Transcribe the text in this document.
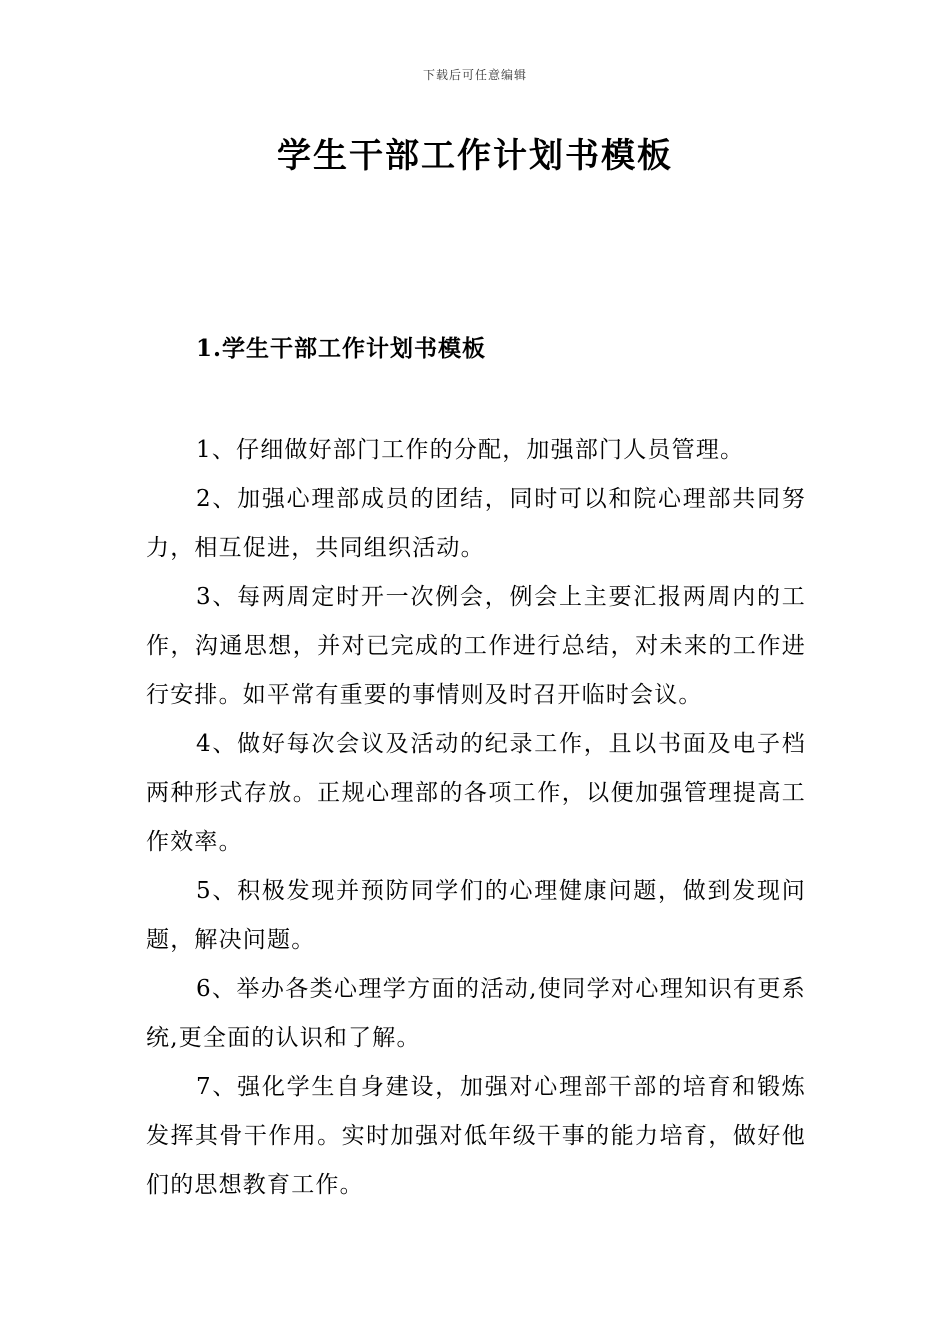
下载后可任意编辑
学生干部工作计划书模板
1.学生干部工作计划书模板

1、仔细做好部门工作的分配，加强部门人员管理。

2、加强心理部成员的团结，同时可以和院心理部共同努力，相互促进，共同组织活动。

3、每两周定时开一次例会，例会上主要汇报两周内的工作，沟通思想，并对已完成的工作进行总结，对未来的工作进行安排。如平常有重要的事情则及时召开临时会议。

4、做好每次会议及活动的纪录工作，且以书面及电子档两种形式存放。正规心理部的各项工作，以便加强管理提高工作效率。

5、积极发现并预防同学们的心理健康问题，做到发现问题，解决问题。

6、举办各类心理学方面的活动,使同学对心理知识有更系统,更全面的认识和了解。

7、强化学生自身建设，加强对心理部干部的培育和锻炼发挥其骨干作用。实时加强对低年级干事的能力培育，做好他们的思想教育工作。
